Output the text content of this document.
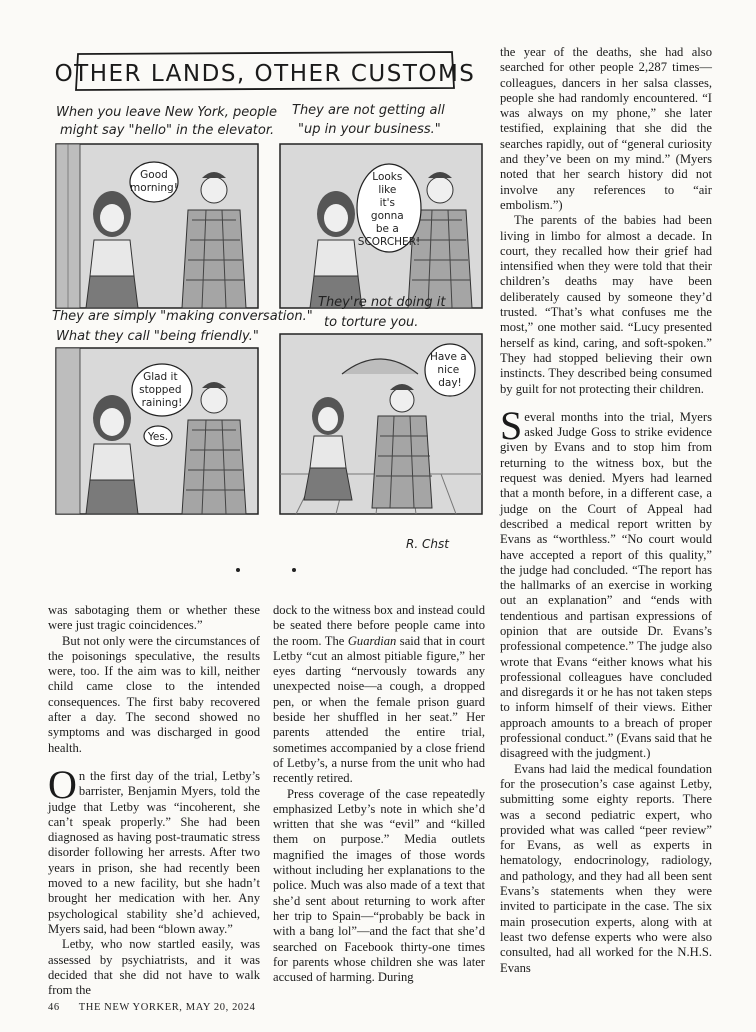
OTHER LANDS, OTHER CUSTOMS
When you leave New York, people
might say "hello" in the elevator.
Good morning!
They are not getting all
"up in your business."
Looks like it's gonna be a SCORCHER!
They are simply "making conversation."
What they call "being friendly."
Glad it stopped raining!
Yes.
They're not doing it
to torture you.
Have a nice day!
R. Chst

was sabotaging them or whether these were just tragic coincidences.”

But not only were the circumstances of the poisonings speculative, the results were, too. If the aim was to kill, neither child came close to the intended consequences. The first baby recovered after a day. The second showed no symptoms and was discharged in good health.

On the first day of the trial, Letby’s barrister, Benjamin Myers, told the judge that Letby was “incoherent, she can’t speak properly.” She had been diagnosed as having post-traumatic stress disorder following her arrests. After two years in prison, she had recently been moved to a new facility, but she hadn’t brought her medication with her. Any psychological stability she’d achieved, Myers said, had been “blown away.”

Letby, who now startled easily, was assessed by psychiatrists, and it was decided that she did not have to walk from the

dock to the witness box and instead could be seated there before people came into the room. The Guardian said that in court Letby “cut an almost pitiable figure,” her eyes darting “nervously towards any unexpected noise—a cough, a dropped pen, or when the female prison guard beside her shuffled in her seat.” Her parents attended the entire trial, sometimes accompanied by a close friend of Letby’s, a nurse from the unit who had recently retired.

Press coverage of the case repeatedly emphasized Letby’s note in which she’d written that she was “evil” and “killed them on purpose.” Media outlets magnified the images of those words without including her explanations to the police. Much was also made of a text that she’d sent about returning to work after her trip to Spain—“probably be back in with a bang lol”—and the fact that she’d searched on Facebook thirty-one times for parents whose children she was later accused of harming. During

the year of the deaths, she had also searched for other people 2,287 times—colleagues, dancers in her salsa classes, people she had randomly encountered. “I was always on my phone,” she later testified, explaining that she did the searches rapidly, out of “general curiosity and they’ve been on my mind.” (Myers noted that her search history did not involve any references to “air embolism.”)

The parents of the babies had been living in limbo for almost a decade. In court, they recalled how their grief had intensified when they were told that their children’s deaths may have been deliberately caused by someone they’d trusted. “That’s what confuses me the most,” one mother said. “Lucy presented herself as kind, caring, and soft-spoken.” They had stopped believing their own instincts. They described being consumed by guilt for not protecting their children.

Several months into the trial, Myers asked Judge Goss to strike evidence given by Evans and to stop him from returning to the witness box, but the request was denied. Myers had learned that a month before, in a different case, a judge on the Court of Appeal had described a medical report written by Evans as “worthless.” “No court would have accepted a report of this quality,” the judge had concluded. “The report has the hallmarks of an exercise in working out an explanation” and “ends with tendentious and partisan expressions of opinion that are outside Dr. Evans’s professional competence.” The judge also wrote that Evans “either knows what his professional colleagues have concluded and disregards it or he has not taken steps to inform himself of their views. Either approach amounts to a breach of proper professional conduct.” (Evans said that he disagreed with the judgment.)

Evans had laid the medical foundation for the prosecution’s case against Letby, submitting some eighty reports. There was a second pediatric expert, who provided what was called “peer review” for Evans, as well as experts in hematology, endocrinology, radiology, and pathology, and they had all been sent Evans’s statements when they were invited to participate in the case. The six main prosecution experts, along with at least two defense experts who were also consulted, had all worked for the N.H.S. Evans

46 THE NEW YORKER, MAY 20, 2024
